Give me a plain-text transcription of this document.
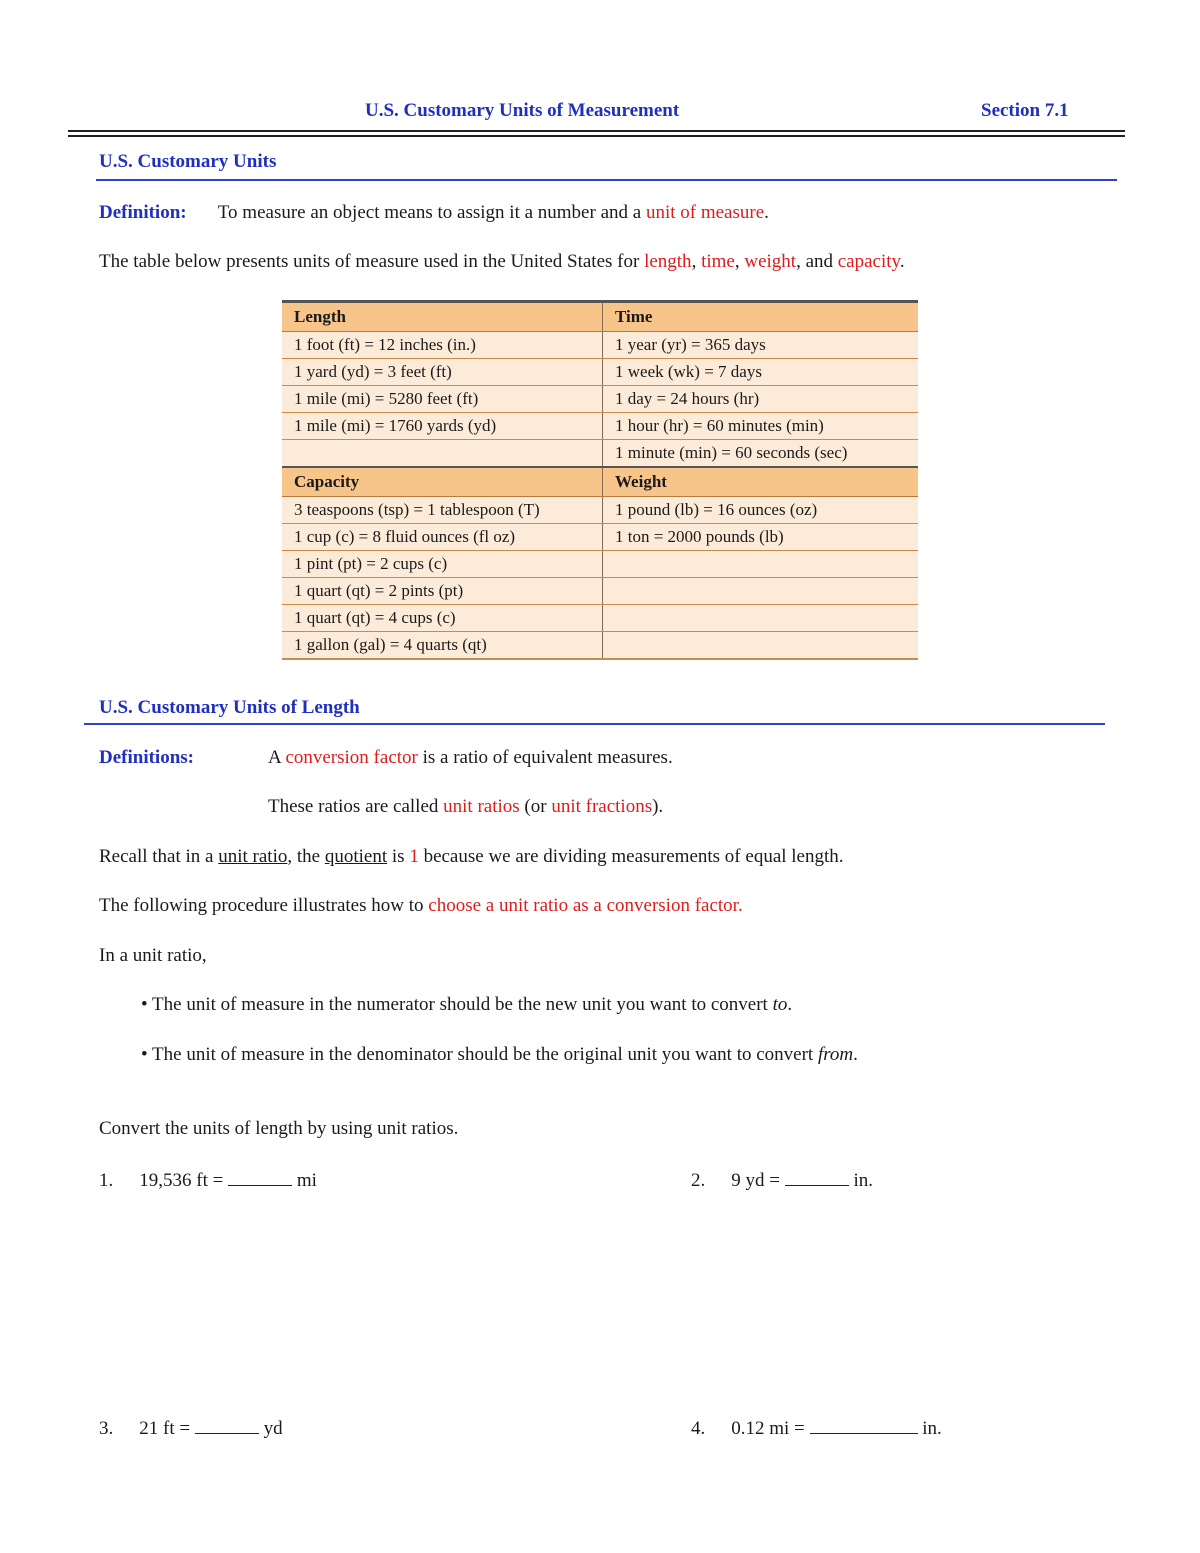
U.S. Customary Units of Measurement	Section 7.1
U.S. Customary Units
Definition: To measure an object means to assign it a number and a unit of measure.
The table below presents units of measure used in the United States for length, time, weight, and capacity.
Length	Time
1 foot (ft) = 12 inches (in.)	1 year (yr) = 365 days
1 yard (yd) = 3 feet (ft)	1 week (wk) = 7 days
1 mile (mi) = 5280 feet (ft)	1 day = 24 hours (hr)
1 mile (mi) = 1760 yards (yd)	1 hour (hr) = 60 minutes (min)
	1 minute (min) = 60 seconds (sec)
Capacity	Weight
3 teaspoons (tsp) = 1 tablespoon (T)	1 pound (lb) = 16 ounces (oz)
1 cup (c) = 8 fluid ounces (fl oz)	1 ton = 2000 pounds (lb)
1 pint (pt) = 2 cups (c)	
1 quart (qt) = 2 pints (pt)	
1 quart (qt) = 4 cups (c)	
1 gallon (gal) = 4 quarts (qt)	
U.S. Customary Units of Length
Definitions:	A conversion factor is a ratio of equivalent measures.
These ratios are called unit ratios (or unit fractions).
Recall that in a unit ratio, the quotient is 1 because we are dividing measurements of equal length.
The following procedure illustrates how to choose a unit ratio as a conversion factor.
In a unit ratio,
• The unit of measure in the numerator should be the new unit you want to convert to.
• The unit of measure in the denominator should be the original unit you want to convert from.
Convert the units of length by using unit ratios.
1. 19,536 ft =	mi	2. 9 yd =	in.
3. 21 ft =	yd	4. 0.12 mi =	in.
